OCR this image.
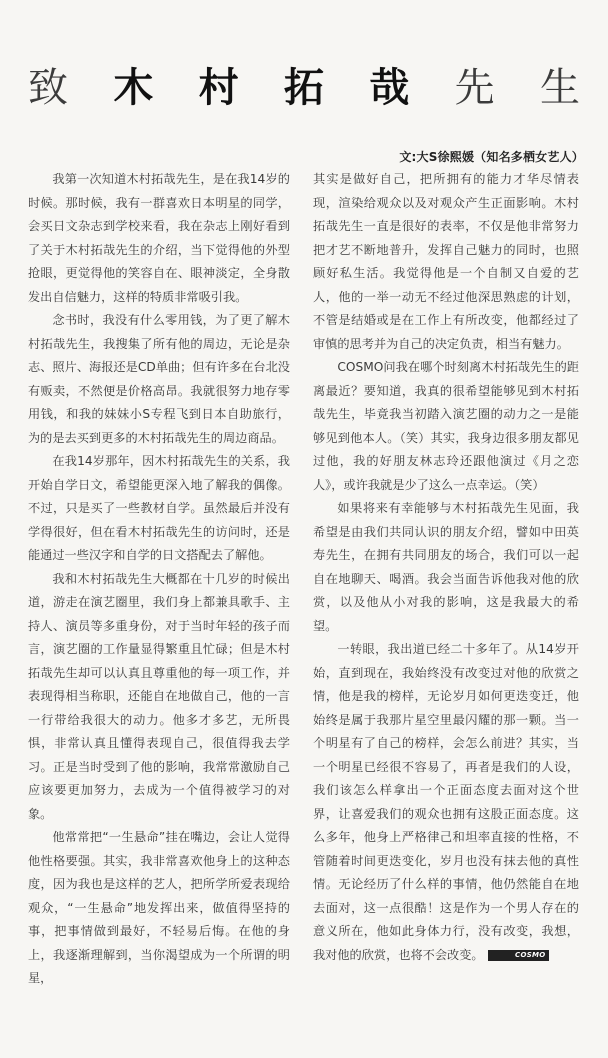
致 木 村 拓 哉 先 生
文:大S徐熙媛（知名多栖女艺人）

我第一次知道木村拓哉先生，是在我14岁的时候。那时候，我有一群喜欢日本明星的同学，会买日文杂志到学校来看，我在杂志上刚好看到了关于木村拓哉先生的介绍，当下觉得他的外型抢眼，更觉得他的笑容自在、眼神淡定，全身散发出自信魅力，这样的特质非常吸引我。

念书时，我没有什么零用钱，为了更了解木村拓哉先生，我搜集了所有他的周边，无论是杂志、照片、海报还是CD单曲；但有许多在台北没有贩卖，不然便是价格高昂。我就很努力地存零用钱，和我的妹妹小S专程飞到日本自助旅行，为的是去买到更多的木村拓哉先生的周边商品。

在我14岁那年，因木村拓哉先生的关系，我开始自学日文，希望能更深入地了解我的偶像。不过，只是买了一些教材自学。虽然最后并没有学得很好，但在看木村拓哉先生的访问时，还是能通过一些汉字和自学的日文搭配去了解他。

我和木村拓哉先生大概都在十几岁的时候出道，游走在演艺圈里，我们身上都兼具歌手、主持人、演员等多重身份，对于当时年轻的孩子而言，演艺圈的工作量显得繁重且忙碌；但是木村拓哉先生却可以认真且尊重他的每一项工作，并表现得相当称职，还能自在地做自己，他的一言一行带给我很大的动力。他多才多艺，无所畏惧，非常认真且懂得表现自己，很值得我去学习。正是当时受到了他的影响，我常常激励自己应该要更加努力，去成为一个值得被学习的对象。

他常常把“一生悬命”挂在嘴边，会让人觉得他性格要强。其实，我非常喜欢他身上的这种态度，因为我也是这样的艺人，把所学所爱表现给观众，“一生悬命”地发挥出来，做值得坚持的事，把事情做到最好，不轻易后悔。在他的身上，我逐渐理解到，当你渴望成为一个所谓的明星，

其实是做好自己，把所拥有的能力才华尽情表现，渲染给观众以及对观众产生正面影响。木村拓哉先生一直是很好的表率，不仅是他非常努力把才艺不断地普升，发挥自己魅力的同时，也照顾好私生活。我觉得他是一个自制又自爱的艺人，他的一举一动无不经过他深思熟虑的计划，不管是结婚或是在工作上有所改变，他都经过了审慎的思考并为自己的决定负责，相当有魅力。

COSMO问我在哪个时刻离木村拓哉先生的距离最近？要知道，我真的很希望能够见到木村拓哉先生，毕竟我当初踏入演艺圈的动力之一是能够见到他本人。（笑）其实，我身边很多朋友都见过他，我的好朋友林志玲还跟他演过《月之恋人》，或许我就是少了这么一点幸运。（笑）

如果将来有幸能够与木村拓哉先生见面，我希望是由我们共同认识的朋友介绍，譬如中田英寿先生，在拥有共同朋友的场合，我们可以一起自在地聊天、喝酒。我会当面告诉他我对他的欣赏，以及他从小对我的影响，这是我最大的希望。

一转眼，我出道已经二十多年了。从14岁开始，直到现在，我始终没有改变过对他的欣赏之情，他是我的榜样，无论岁月如何更迭变迁，他始终是属于我那片星空里最闪耀的那一颗。当一个明星有了自己的榜样，会怎么前进？其实，当一个明星已经很不容易了，再者是我们的人设，我们该怎么样拿出一个正面态度去面对这个世界，让喜爱我们的观众也拥有这股正面态度。这么多年，他身上严格律己和坦率直接的性格，不管随着时间更迭变化，岁月也没有抹去他的真性情。无论经历了什么样的事情，他仍然能自在地去面对，这一点很酷！这是作为一个男人存在的意义所在，他如此身体力行，没有改变，我想，我对他的欣赏，也将不会改变。	COSMO
